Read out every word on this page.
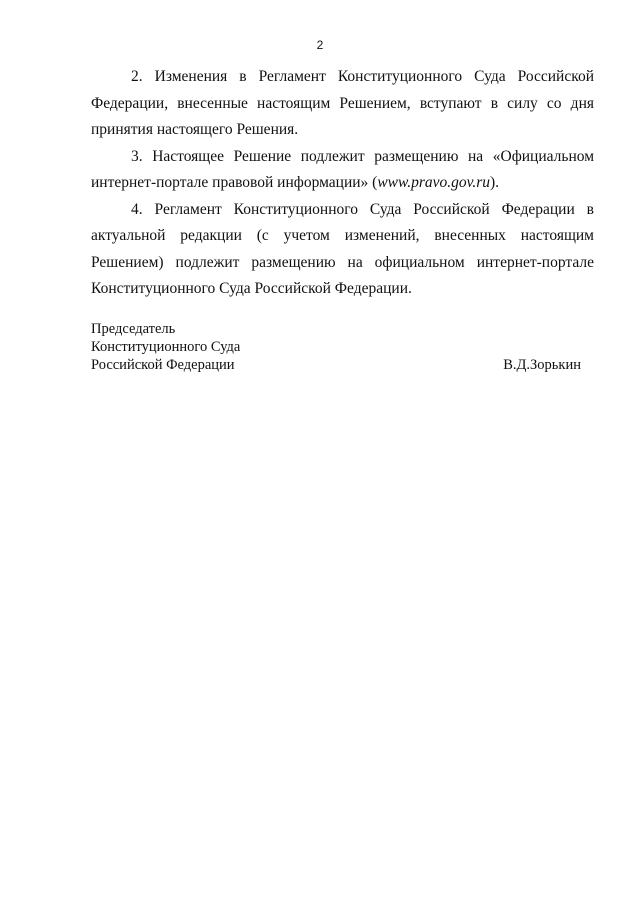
2

2. Изменения в Регламент Конституционного Суда Российской Федерации, внесенные настоящим Решением, вступают в силу со дня принятия настоящего Решения.

3. Настоящее Решение подлежит размещению на «Официальном интернет-портале правовой информации» (www.pravo.gov.ru).

4. Регламент Конституционного Суда Российской Федерации в актуальной редакции (с учетом изменений, внесенных настоящим Решением) подлежит размещению на официальном интернет-портале Конституционного Суда Российской Федерации.

Председатель
Конституционного Суда
Российской Федерации	В.Д.Зорькин
